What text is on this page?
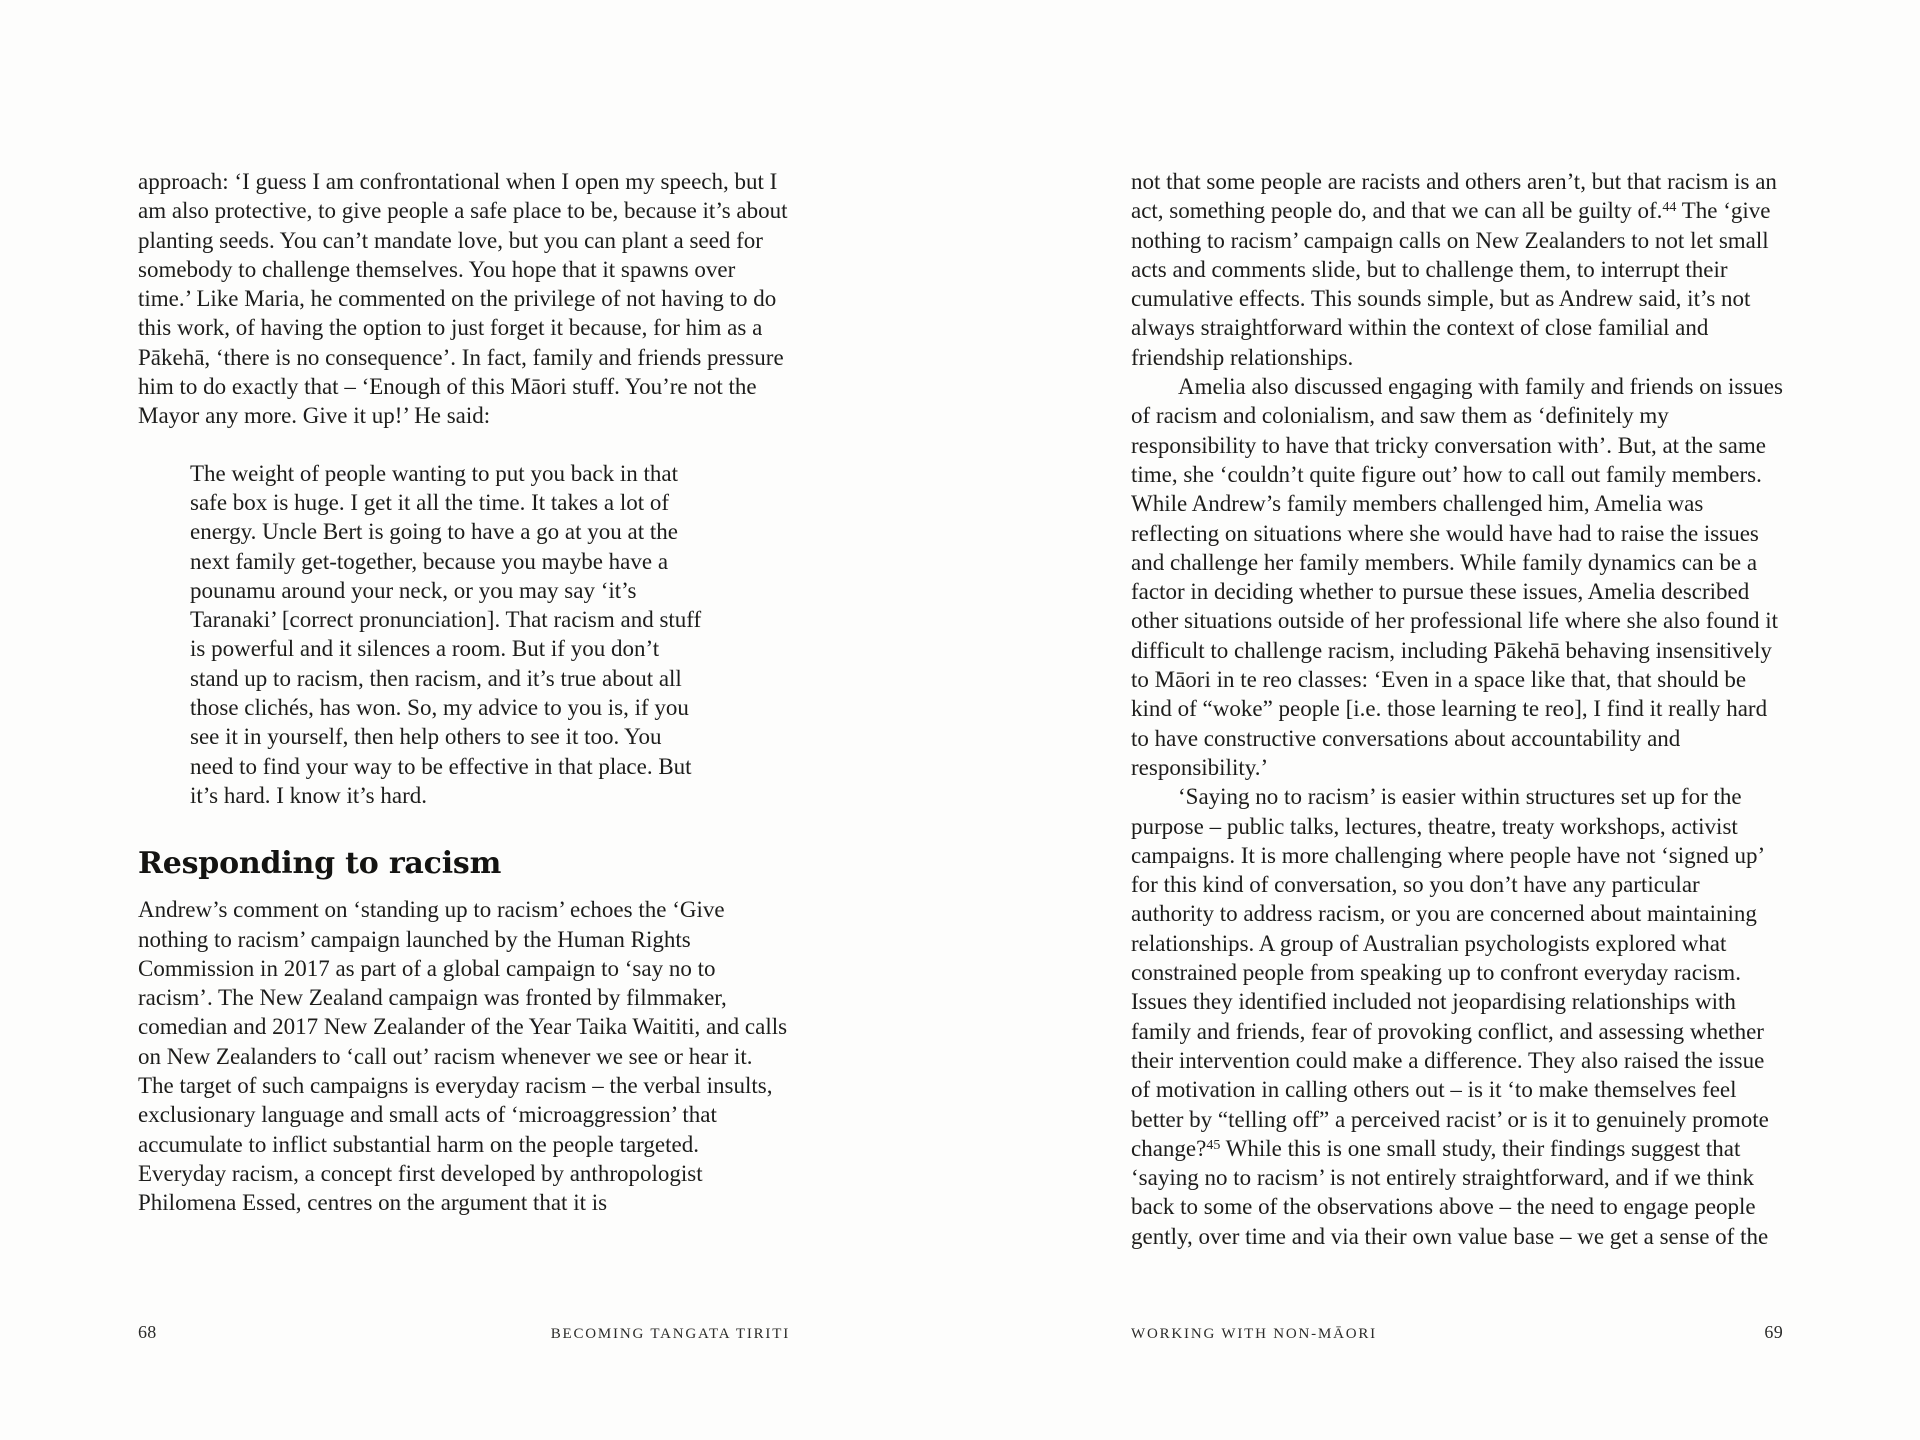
approach: ‘I guess I am confrontational when I open my speech, but I am also protective, to give people a safe place to be, because it’s about planting seeds. You can’t mandate love, but you can plant a seed for somebody to challenge themselves. You hope that it spawns over time.’ Like Maria, he commented on the privilege of not having to do this work, of having the option to just forget it because, for him as a Pākehā, ‘there is no consequence’. In fact, family and friends pressure him to do exactly that – ‘Enough of this Māori stuff. You’re not the Mayor any more. Give it up!’ He said:

The weight of people wanting to put you back in that safe box is huge. I get it all the time. It takes a lot of energy. Uncle Bert is going to have a go at you at the next family get-together, because you maybe have a pounamu around your neck, or you may say ‘it’s Taranaki’ [correct pronunciation]. That racism and stuff is powerful and it silences a room. But if you don’t stand up to racism, then racism, and it’s true about all those clichés, has won. So, my advice to you is, if you see it in yourself, then help others to see it too. You need to find your way to be effective in that place. But it’s hard. I know it’s hard.
Responding to racism

Andrew’s comment on ‘standing up to racism’ echoes the ‘Give nothing to racism’ campaign launched by the Human Rights Commission in 2017 as part of a global campaign to ‘say no to racism’. The New Zealand campaign was fronted by filmmaker, comedian and 2017 New Zealander of the Year Taika Waititi, and calls on New Zealanders to ‘call out’ racism whenever we see or hear it. The target of such campaigns is everyday racism – the verbal insults, exclusionary language and small acts of ‘microaggression’ that accumulate to inflict substantial harm on the people targeted. Everyday racism, a concept first developed by anthropologist Philomena Essed, centres on the argument that it is

68	BECOMING TANGATA TIRITI

not that some people are racists and others aren’t, but that racism is an act, something people do, and that we can all be guilty of.$^{44}$ The ‘give nothing to racism’ campaign calls on New Zealanders to not let small acts and comments slide, but to challenge them, to interrupt their cumulative effects. This sounds simple, but as Andrew said, it’s not always straightforward within the context of close familial and friendship relationships.

Amelia also discussed engaging with family and friends on issues of racism and colonialism, and saw them as ‘definitely my responsibility to have that tricky conversation with’. But, at the same time, she ‘couldn’t quite figure out’ how to call out family members. While Andrew’s family members challenged him, Amelia was reflecting on situations where she would have had to raise the issues and challenge her family members. While family dynamics can be a factor in deciding whether to pursue these issues, Amelia described other situations outside of her professional life where she also found it difficult to challenge racism, including Pākehā behaving insensitively to Māori in te reo classes: ‘Even in a space like that, that should be kind of “woke” people [i.e. those learning te reo], I find it really hard to have constructive conversations about accountability and responsibility.’

‘Saying no to racism’ is easier within structures set up for the purpose – public talks, lectures, theatre, treaty workshops, activist campaigns. It is more challenging where people have not ‘signed up’ for this kind of conversation, so you don’t have any particular authority to address racism, or you are concerned about maintaining relationships. A group of Australian psychologists explored what constrained people from speaking up to confront everyday racism. Issues they identified included not jeopardising relationships with family and friends, fear of provoking conflict, and assessing whether their intervention could make a difference. They also raised the issue of motivation in calling others out – is it ‘to make themselves feel better by “telling off” a perceived racist’ or is it to genuinely promote change?$^{45}$ While this is one small study, their findings suggest that ‘saying no to racism’ is not entirely straightforward, and if we think back to some of the observations above – the need to engage people gently, over time and via their own value base – we get a sense of the

WORKING WITH NON-MĀORI	69
